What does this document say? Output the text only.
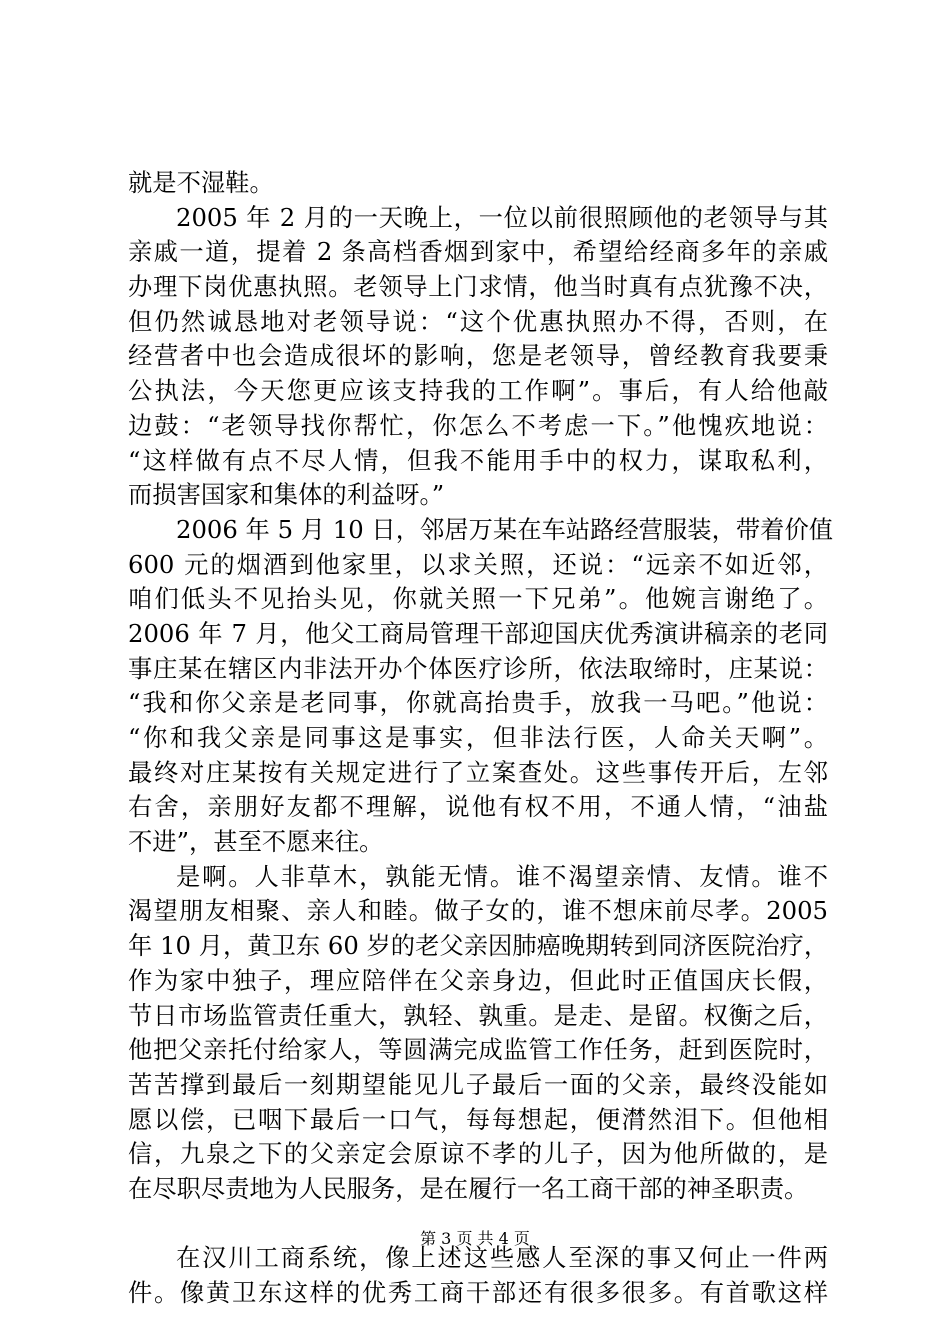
就是不湿鞋。
2005 年 2 月的一天晚上，一位以前很照顾他的老领导与其
亲戚一道，提着 2 条高档香烟到家中，希望给经商多年的亲戚
办理下岗优惠执照。老领导上门求情，他当时真有点犹豫不决，
但仍然诚恳地对老领导说：“这个优惠执照办不得，否则，在
经营者中也会造成很坏的影响，您是老领导，曾经教育我要秉
公执法，今天您更应该支持我的工作啊”。事后，有人给他敲
边鼓：“老领导找你帮忙，你怎么不考虑一下。”他愧疚地说：
“这样做有点不尽人情，但我不能用手中的权力，谋取私利，
而损害国家和集体的利益呀。”
2006 年 5 月 10 日，邻居万某在车站路经营服装，带着价值
600 元的烟酒到他家里，以求关照，还说：“远亲不如近邻，
咱们低头不见抬头见，你就关照一下兄弟”。他婉言谢绝了。
2006 年 7 月，他父工商局管理干部迎国庆优秀演讲稿亲的老同
事庄某在辖区内非法开办个体医疗诊所，依法取缔时，庄某说：
“我和你父亲是老同事，你就高抬贵手，放我一马吧。”他说：
“你和我父亲是同事这是事实，但非法行医，人命关天啊”。
最终对庄某按有关规定进行了立案查处。这些事传开后，左邻
右舍，亲朋好友都不理解，说他有权不用，不通人情，“油盐
不进”，甚至不愿来往。
是啊。人非草木，孰能无情。谁不渴望亲情、友情。谁不
渴望朋友相聚、亲人和睦。做子女的，谁不想床前尽孝。2005
年 10 月，黄卫东 60 岁的老父亲因肺癌晚期转到同济医院治疗，
作为家中独子，理应陪伴在父亲身边，但此时正值国庆长假，
节日市场监管责任重大，孰轻、孰重。是走、是留。权衡之后，
他把父亲托付给家人，等圆满完成监管工作任务，赶到医院时，
苦苦撑到最后一刻期望能见儿子最后一面的父亲，最终没能如
愿以偿，已咽下最后一口气，每每想起，便潸然泪下。但他相
信，九泉之下的父亲定会原谅不孝的儿子，因为他所做的，是
在尽职尽责地为人民服务，是在履行一名工商干部的神圣职责。
在汉川工商系统，像上述这些感人至深的事又何止一件两
件。像黄卫东这样的优秀工商干部还有很多很多。有首歌这样
第 3 页 共 4 页
